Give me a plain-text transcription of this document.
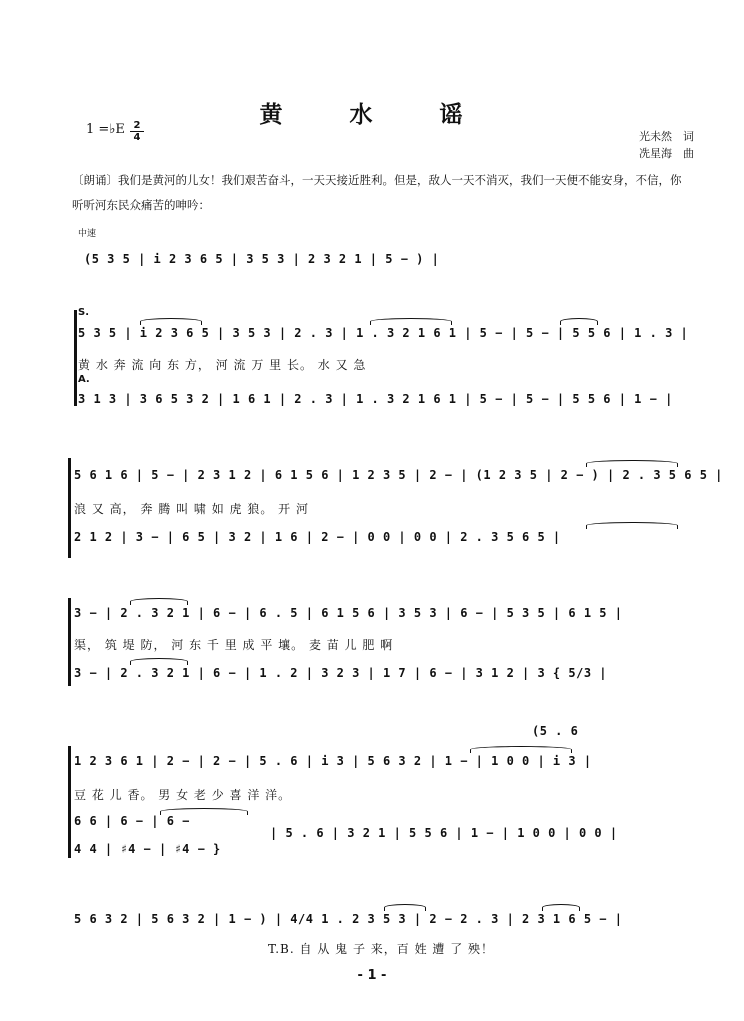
黄　水　谣
1 =♭E $\frac{2}{4}$	光未然　词
冼星海　曲
〔朗诵〕我们是黄河的儿女！我们艰苦奋斗，一天天接近胜利。但是，敌人一天不消灭，我们一天便不能安身，不信，你听听河东民众痛苦的呻吟：
中速
(5 3 5 | i 2 3 6 5 | 3 5 3 | 2 3 2 1 | 5 − ) |
S.
5 3 5 | i 2 3 6 5 | 3 5 3 | 2 . 3 | 1 . 3 2 1 6 1 | 5 − | 5 − | 5 5 6 | 1 . 3 |
黄 水 奔 流 向 东 方， 河 流 万 里 长。 水 又 急
A.
3 1 3 | 3 6 5 3 2 | 1 6 1 | 2 . 3 | 1 . 3 2 1 6 1 | 5 − | 5 − | 5 5 6 | 1 − |
5 6 1 6 | 5 − | 2 3 1 2 | 6 1 5 6 | 1 2 3 5 | 2 − | (1 2 3 5 | 2 − ) | 2 . 3 5 6 5 |
浪 又 高， 奔 腾 叫 啸 如 虎 狼。 开 河
2 1 2 | 3 − | 6 5 | 3 2 | 1 6 | 2 − | 0 0 | 0 0 | 2 . 3 5 6 5 |
3 − | 2 . 3 2 1 | 6 − | 6 . 5 | 6 1 5 6 | 3 5 3 | 6 − | 5 3 5 | 6 1 5 |
渠， 筑 堤 防， 河 东 千 里 成 平 壤。 麦 苗 儿 肥 啊
3 − | 2 . 3 2 1 | 6 − | 1 . 2 | 3 2 3 | 1 7 | 6 − | 3 1 2 | 3 { 5/3 |
(5 . 6
1 2 3 6 1 | 2 − | 2 − | 5 . 6 | i 3 | 5 6 3 2 | 1 − | 1 0 0 | i 3 |
豆 花 儿 香。 男 女 老 少 喜 洋 洋。
6 6 | 6 − | 6 −
4 4 | ♯4 − | ♯4 − }
| 5 . 6 | 3 2 1 | 5 5 6 | 1 − | 1 0 0 | 0 0 |
5 6 3 2 | 5 6 3 2 | 1 − ) | 4/4 1 . 2 3 5 3 | 2 − 2 . 3 | 2 3 1 6 5 − |
T.B. 自 从 鬼 子 来，百 姓 遭 了 殃！
- 1 -
